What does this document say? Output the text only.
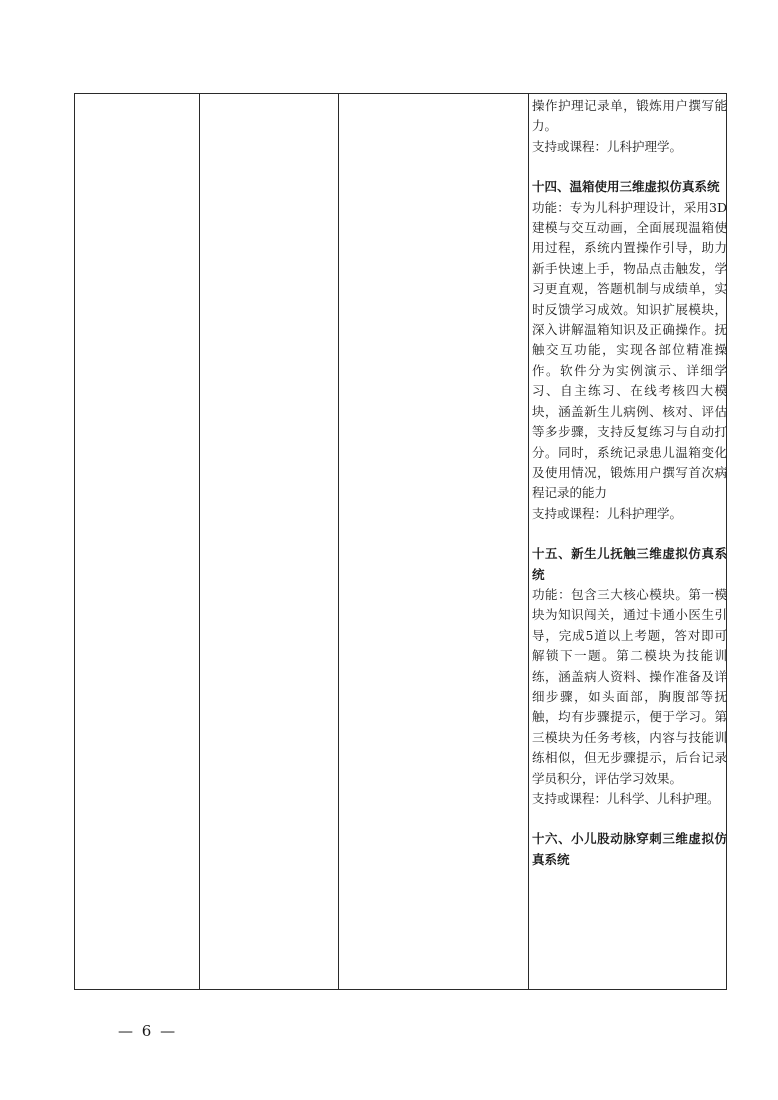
操作护理记录单，锻炼用户撰写能力。

支持或课程：儿科护理学。

十四、温箱使用三维虚拟仿真系统

功能：专为儿科护理设计，采用3D建模与交互动画，全面展现温箱使用过程，系统内置操作引导，助力新手快速上手，物品点击触发，学习更直观，答题机制与成绩单，实时反馈学习成效。知识扩展模块，深入讲解温箱知识及正确操作。抚触交互功能，实现各部位精准操作。软件分为实例演示、详细学习、自主练习、在线考核四大模块，涵盖新生儿病例、核对、评估等多步骤，支持反复练习与自动打分。同时，系统记录患儿温箱变化及使用情况，锻炼用户撰写首次病程记录的能力

支持或课程：儿科护理学。

十五、新生儿抚触三维虚拟仿真系统

功能：包含三大核心模块。第一模块为知识闯关，通过卡通小医生引导，完成5道以上考题，答对即可解锁下一题。第二模块为技能训练，涵盖病人资料、操作准备及详细步骤，如头面部，胸腹部等抚触，均有步骤提示，便于学习。第三模块为任务考核，内容与技能训练相似，但无步骤提示，后台记录学员积分，评估学习效果。

支持或课程：儿科学、儿科护理。

十六、小儿股动脉穿刺三维虚拟仿真系统

— 6 —
